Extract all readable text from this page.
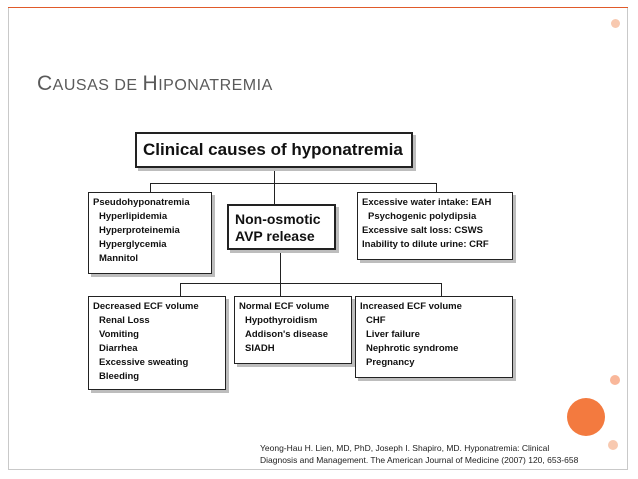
CAUSAS DE HIPONATREMIA
Clinical causes of hyponatremia
Pseudohyponatremia
Hyperlipidemia
Hyperproteinemia
Hyperglycemia
Mannitol
Non-osmotic
AVP release
Excessive water intake: EAH
Psychogenic polydipsia
Excessive salt loss: CSWS
Inability to dilute urine: CRF
Decreased ECF volume
Renal Loss
Vomiting
Diarrhea
Excessive sweating
Bleeding
Normal ECF volume
Hypothyroidism
Addison's disease
SIADH
Increased ECF volume
CHF
Liver failure
Nephrotic syndrome
Pregnancy
Yeong-Hau H. Lien, MD, PhD, Joseph I. Shapiro, MD. Hyponatremia: Clinical
Diagnosis and Management. The American Journal of Medicine (2007) 120, 653-658
